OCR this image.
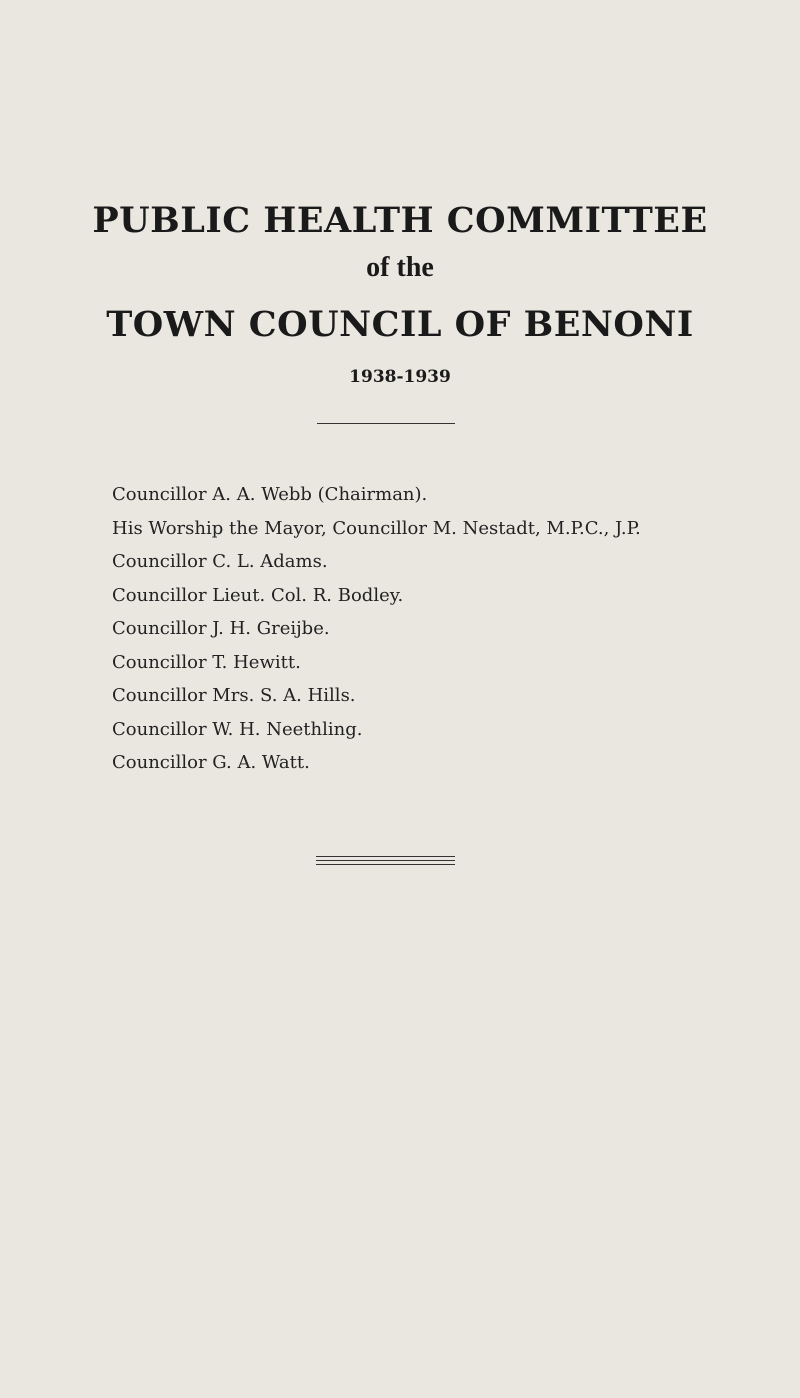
PUBLIC HEALTH COMMITTEE
of the
TOWN COUNCIL OF BENONI
1938-1939
Councillor A. A. Webb (Chairman).
His Worship the Mayor, Councillor M. Nestadt, M.P.C., J.P.
Councillor C. L. Adams.
Councillor Lieut. Col. R. Bodley.
Councillor J. H. Greijbe.
Councillor T. Hewitt.
Councillor Mrs. S. A. Hills.
Councillor W. H. Neethling.
Councillor G. A. Watt.
